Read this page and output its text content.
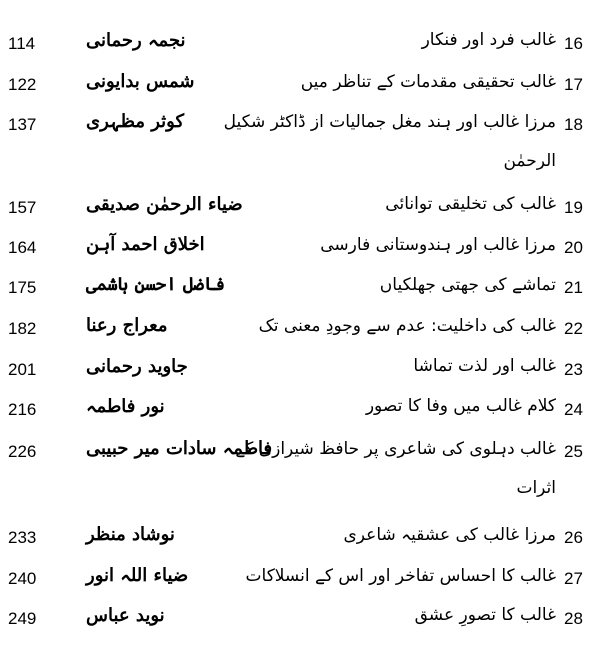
16
غالب فرد اور فنکار
نجمہ رحمانی
114
17
غالب تحقیقی مقدمات کے تناظر میں
شمس بدایونی
122
18
مرزا غالب اور ہند مغل جمالیات از ڈاکٹر شکیل
کوثر مظہری
137
الرحمٰن
19
غالب کی تخلیقی توانائی
ضیاء الرحمٰن صدیقی
157
20
مرزا غالب اور ہندوستانی فارسی
اخلاق احمد آہن
164
21
تماشے کی جھتی جھلکیاں
فاضل احسن ہاشمی
175
22
غالب کی داخلیت: عدم سے وجودِ معنی تک
معراج رعنا
182
23
غالب اور لذت تماشا
جاوید رحمانی
201
24
کلام غالب میں وفا کا تصور
نور فاطمہ
216
25
غالب دہلوی کی شاعری پر حافظ شیرازی کے
فاطمہ سادات میر حبیبی
226
اثرات
26
مرزا غالب کی عشقیہ شاعری
نوشاد منظر
233
27
غالب کا احساس تفاخر اور اس کے انسلاکات
ضیاء اللہ انور
240
28
غالب کا تصورِ عشق
نوید عباس
249
